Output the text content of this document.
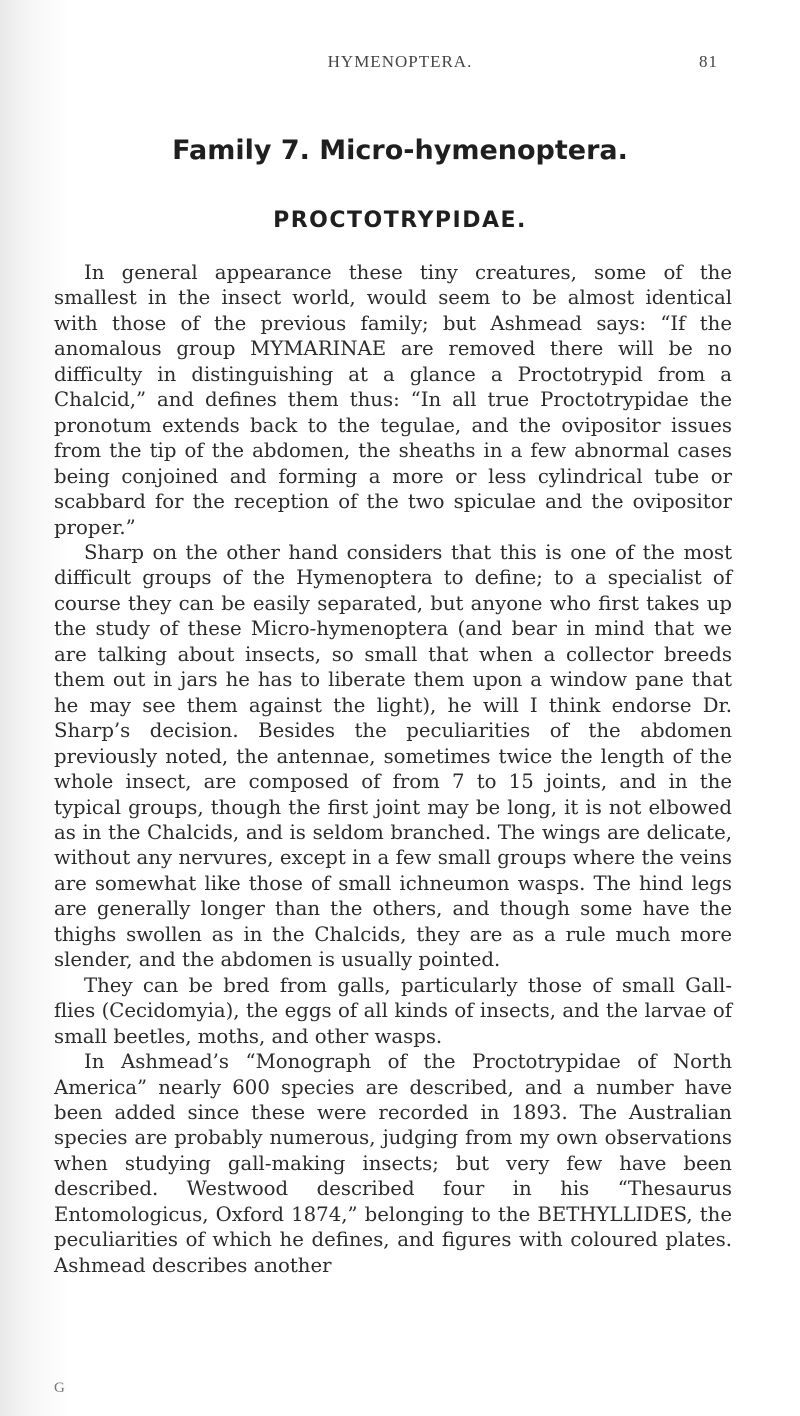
HYMENOPTERA.	81
Family 7. Micro-hymenoptera.
PROCTOTRYPIDAE.

In general appearance these tiny creatures, some of the smallest in the insect world, would seem to be almost identical with those of the previous family; but Ashmead says: “If the anomalous group MYMARINAE are removed there will be no difficulty in distinguishing at a glance a Proctotrypid from a Chalcid,” and defines them thus: “In all true Proctotrypidae the pronotum extends back to the tegulae, and the ovipositor issues from the tip of the abdomen, the sheaths in a few abnormal cases being conjoined and forming a more or less cylindrical tube or scabbard for the reception of the two spiculae and the ovipositor proper.”

Sharp on the other hand considers that this is one of the most difficult groups of the Hymenoptera to define; to a specialist of course they can be easily separated, but anyone who first takes up the study of these Micro-hymenoptera (and bear in mind that we are talking about insects, so small that when a collector breeds them out in jars he has to liberate them upon a window pane that he may see them against the light), he will I think endorse Dr. Sharp’s decision. Besides the peculiarities of the abdomen previously noted, the antennae, sometimes twice the length of the whole insect, are composed of from 7 to 15 joints, and in the typical groups, though the first joint may be long, it is not elbowed as in the Chalcids, and is seldom branched. The wings are delicate, without any nervures, except in a few small groups where the veins are somewhat like those of small ichneumon wasps. The hind legs are generally longer than the others, and though some have the thighs swollen as in the Chalcids, they are as a rule much more slender, and the abdomen is usually pointed.

They can be bred from galls, particularly those of small Gall-flies (Cecidomyia), the eggs of all kinds of insects, and the larvae of small beetles, moths, and other wasps.

In Ashmead’s “Monograph of the Proctotrypidae of North America” nearly 600 species are described, and a number have been added since these were recorded in 1893. The Australian species are probably numerous, judging from my own observations when studying gall-making insects; but very few have been described. Westwood described four in his “Thesaurus Entomologicus, Oxford 1874,” belonging to the BETHYLLIDES, the peculiarities of which he defines, and figures with coloured plates. Ashmead describes another

G
